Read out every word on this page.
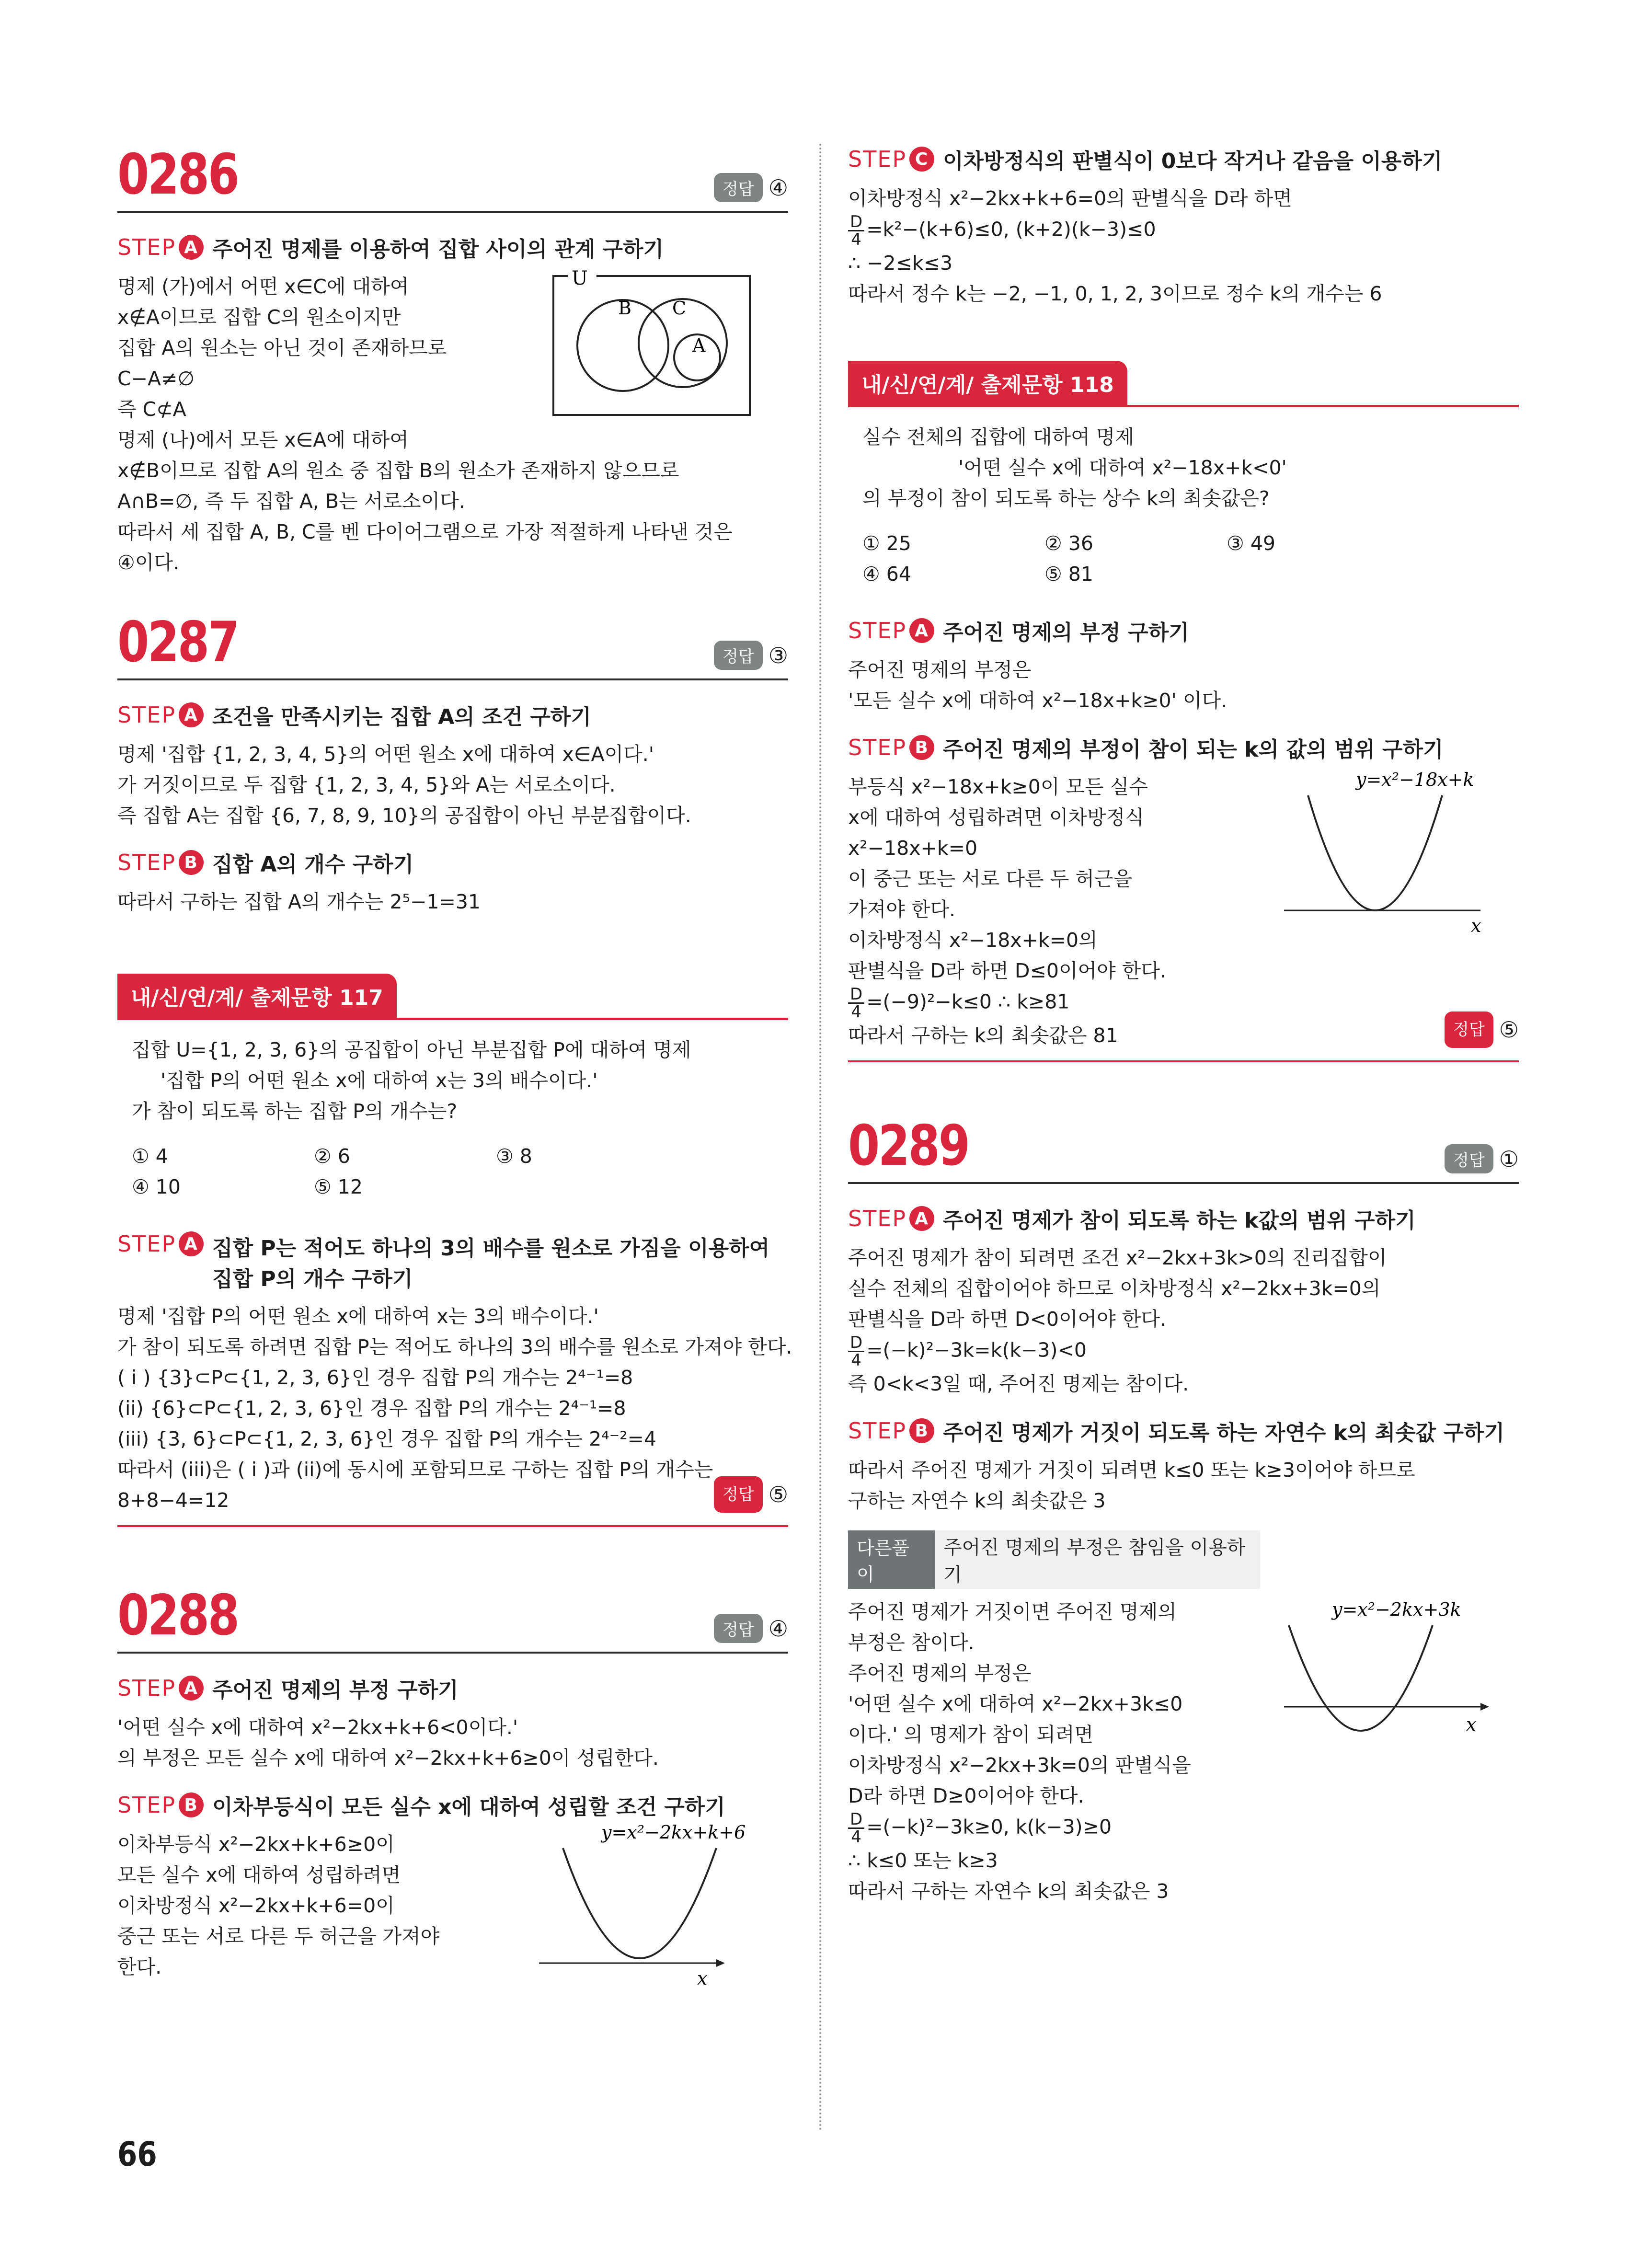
0286	정답 ④
STEP A 주어진 명제를 이용하여 집합 사이의 관계 구하기
명제 (가)에서 어떤 x∈C에 대하여
x∉A이므로 집합 C의 원소이지만
집합 A의 원소는 아닌 것이 존재하므로
C−A≠∅
즉 C⊄A
명제 (나)에서 모든 x∈A에 대하여
x∉B이므로 집합 A의 원소 중 집합 B의 원소가 존재하지 않으므로
A∩B=∅, 즉 두 집합 A, B는 서로소이다.
따라서 세 집합 A, B, C를 벤 다이어그램으로 가장 적절하게 나타낸 것은
④이다.
U
B C
A
0287	정답 ③
STEP A 조건을 만족시키는 집합 A의 조건 구하기
명제 '집합 {1, 2, 3, 4, 5}의 어떤 원소 x에 대하여 x∈A이다.'
가 거짓이므로 두 집합 {1, 2, 3, 4, 5}와 A는 서로소이다.
즉 집합 A는 집합 {6, 7, 8, 9, 10}의 공집합이 아닌 부분집합이다.
STEP B 집합 A의 개수 구하기
따라서 구하는 집합 A의 개수는 2⁵−1=31
내/신/연/계/ 출제문항 117
집합 U={1, 2, 3, 6}의 공집합이 아닌 부분집합 P에 대하여 명제
'집합 P의 어떤 원소 x에 대하여 x는 3의 배수이다.'
가 참이 되도록 하는 집합 P의 개수는?
① 4	② 6	③ 8
④ 10	⑤ 12
STEP A 집합 P는 적어도 하나의 3의 배수를 원소로 가짐을 이용하여
집합 P의 개수 구하기
명제 '집합 P의 어떤 원소 x에 대하여 x는 3의 배수이다.'
가 참이 되도록 하려면 집합 P는 적어도 하나의 3의 배수를 원소로 가져야 한다.
( i ) {3}⊂P⊂{1, 2, 3, 6}인 경우 집합 P의 개수는 2⁴⁻¹=8
(ii) {6}⊂P⊂{1, 2, 3, 6}인 경우 집합 P의 개수는 2⁴⁻¹=8
(iii) {3, 6}⊂P⊂{1, 2, 3, 6}인 경우 집합 P의 개수는 2⁴⁻²=4
따라서 (iii)은 ( i )과 (ii)에 동시에 포함되므로 구하는 집합 P의 개수는
8+8−4=12	정답 ⑤
0288	정답 ④
STEP A 주어진 명제의 부정 구하기
'어떤 실수 x에 대하여 x²−2kx+k+6<0이다.'
의 부정은 모든 실수 x에 대하여 x²−2kx+k+6≥0이 성립한다.
STEP B 이차부등식이 모든 실수 x에 대하여 성립할 조건 구하기
이차부등식 x²−2kx+k+6≥0이
모든 실수 x에 대하여 성립하려면
이차방정식 x²−2kx+k+6=0이
중근 또는 서로 다른 두 허근을 가져야
한다.
y=x²−2kx+k+6
x
STEP C 이차방정식의 판별식이 0보다 작거나 같음을 이용하기
이차방정식 x²−2kx+k+6=0의 판별식을 D라 하면
$\frac{D}{4} =k^2-(k+6)\le 0$, (k+2)(k−3)≤0
∴ −2≤k≤3
따라서 정수 k는 −2, −1, 0, 1, 2, 3이므로 정수 k의 개수는 6
내/신/연/계/ 출제문항 118
실수 전체의 집합에 대하여 명제
'어떤 실수 x에 대하여 x²−18x+k<0'
의 부정이 참이 되도록 하는 상수 k의 최솟값은?
① 25	② 36	③ 49
④ 64	⑤ 81
STEP A 주어진 명제의 부정 구하기
주어진 명제의 부정은
'모든 실수 x에 대하여 x²−18x+k≥0' 이다.
STEP B 주어진 명제의 부정이 참이 되는 k의 값의 범위 구하기
부등식 x²−18x+k≥0이 모든 실수
x에 대하여 성립하려면 이차방정식
x²−18x+k=0
이 중근 또는 서로 다른 두 허근을
가져야 한다.
이차방정식 x²−18x+k=0의
판별식을 D라 하면 D≤0이어야 한다.
$\frac{D}{4} =(-9)^2-k\le 0$ ∴ k≥81
따라서 구하는 k의 최솟값은 81	정답 ⑤
y=x²−18x+k
x
0289	정답 ①
STEP A 주어진 명제가 참이 되도록 하는 k값의 범위 구하기
주어진 명제가 참이 되려면 조건 x²−2kx+3k>0의 진리집합이
실수 전체의 집합이어야 하므로 이차방정식 x²−2kx+3k=0의
판별식을 D라 하면 D<0이어야 한다.
$\frac{D}{4} =(-k)^2-3k=k(k-3)<0$
즉 0<k<3일 때, 주어진 명제는 참이다.
STEP B 주어진 명제가 거짓이 되도록 하는 자연수 k의 최솟값 구하기
따라서 주어진 명제가 거짓이 되려면 k≤0 또는 k≥3이어야 하므로
구하는 자연수 k의 최솟값은 3
다른풀이
주어진 명제의 부정은 참임을 이용하기
주어진 명제가 거짓이면 주어진 명제의
부정은 참이다.
주어진 명제의 부정은
'어떤 실수 x에 대하여 x²−2kx+3k≤0
이다.' 의 명제가 참이 되려면
이차방정식 x²−2kx+3k=0의 판별식을
D라 하면 D≥0이어야 한다.
$\frac{D}{4} =(-k)^2-3k\ge 0$, k(k−3)≥0
∴ k≤0 또는 k≥3
따라서 구하는 자연수 k의 최솟값은 3
y=x²−2kx+3k
x
66
